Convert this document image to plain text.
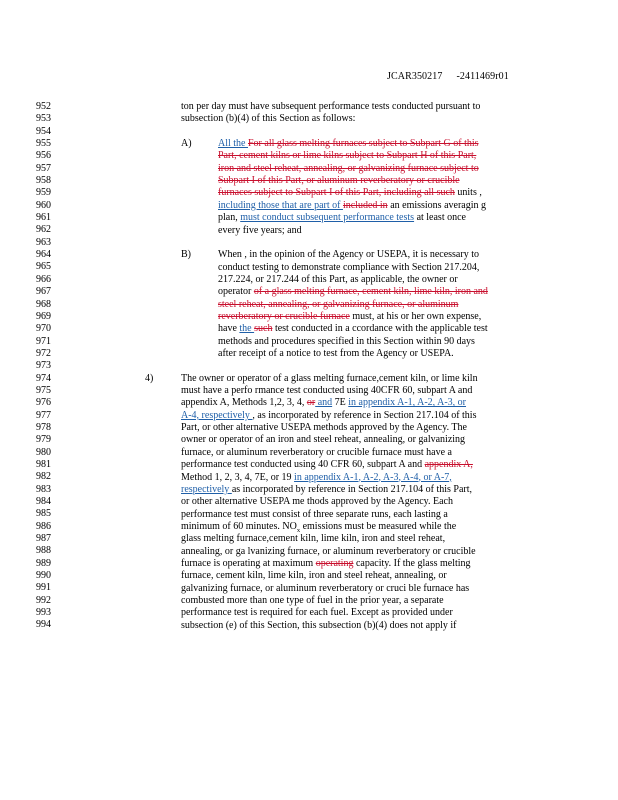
JCAR350217 -2411469r01
952
953
954
955
956
957
958
959
960
961
962
963
964
965
966
967
968
969
970
971
972
973
974
975
976
977
978
979
980
981
982
983
984
985
986
987
988
989
990
991
992
993
994
A)
B)
4)
ton per day must have subsequent performance tests conducted pursuant to
subsection (b)(4) of this Section as follows:
All the For all glass melting furnaces subject to Subpart G of this
Part, cement kilns or lime kilns subject to Subpart H of this Part,
iron and steel reheat, annealing, or galvanizing furnace subject to
Subpart I of this Part, or aluminum reverberatory or crucible
furnaces subject to Subpart I of this Part, including all such units ,
including those that are part of included in an emissions averagin g
plan, must conduct subsequent performance tests at least once
every five years; and
When , in the opinion of the Agency or USEPA, it is necessary to
conduct testing to demonstrate compliance with Section 217.204,
217.224, or 217.244 of this Part, as applicable, the owner or
operator of a glass melting furnace, cement kiln, lime kiln, iron and
steel reheat, annealing, or galvanizing furnace, or aluminum
reverberatory or crucible furnace must, at his or her own expense,
have the such test conducted in a ccordance with the applicable test
methods and procedures specified in this Section within 90 days
after receipt of a notice to test from the Agency or USEPA.
The owner or operator of a glass melting furnace,cement kiln, or lime kiln
must have a perfo rmance test conducted using 40CFR 60, subpart A and
appendix A, Methods 1,2, 3, 4, or and 7E in appendix A-1, A-2, A-3, or
A-4, respectively , as incorporated by reference in Section 217.104 of this
Part, or other alternative USEPA methods approved by the Agency. The
owner or operator of an iron and steel reheat, annealing, or galvanizing
furnace, or aluminum reverberatory or crucible furnace must have a
performance test conducted using 40 CFR 60, subpart A and appendix A,
Method 1, 2, 3, 4, 7E, or 19 in appendix A-1, A-2, A-3, A-4, or A-7,
respectively as incorporated by reference in Section 217.104 of this Part,
or other alternative USEPA me thods approved by the Agency. Each
performance test must consist of three separate runs, each lasting a
minimum of 60 minutes. $NO_x$ emissions must be measured while the
glass melting furnace,cement kiln, lime kiln, iron and steel reheat,
annealing, or ga lvanizing furnace, or aluminum reverberatory or crucible
furnace is operating at maximum operating capacity. If the glass melting
furnace, cement kiln, lime kiln, iron and steel reheat, annealing, or
galvanizing furnace, or aluminum reverberatory or cruci ble furnace has
combusted more than one type of fuel in the prior year, a separate
performance test is required for each fuel. Except as provided under
subsection (e) of this Section, this subsection (b)(4) does not apply if
